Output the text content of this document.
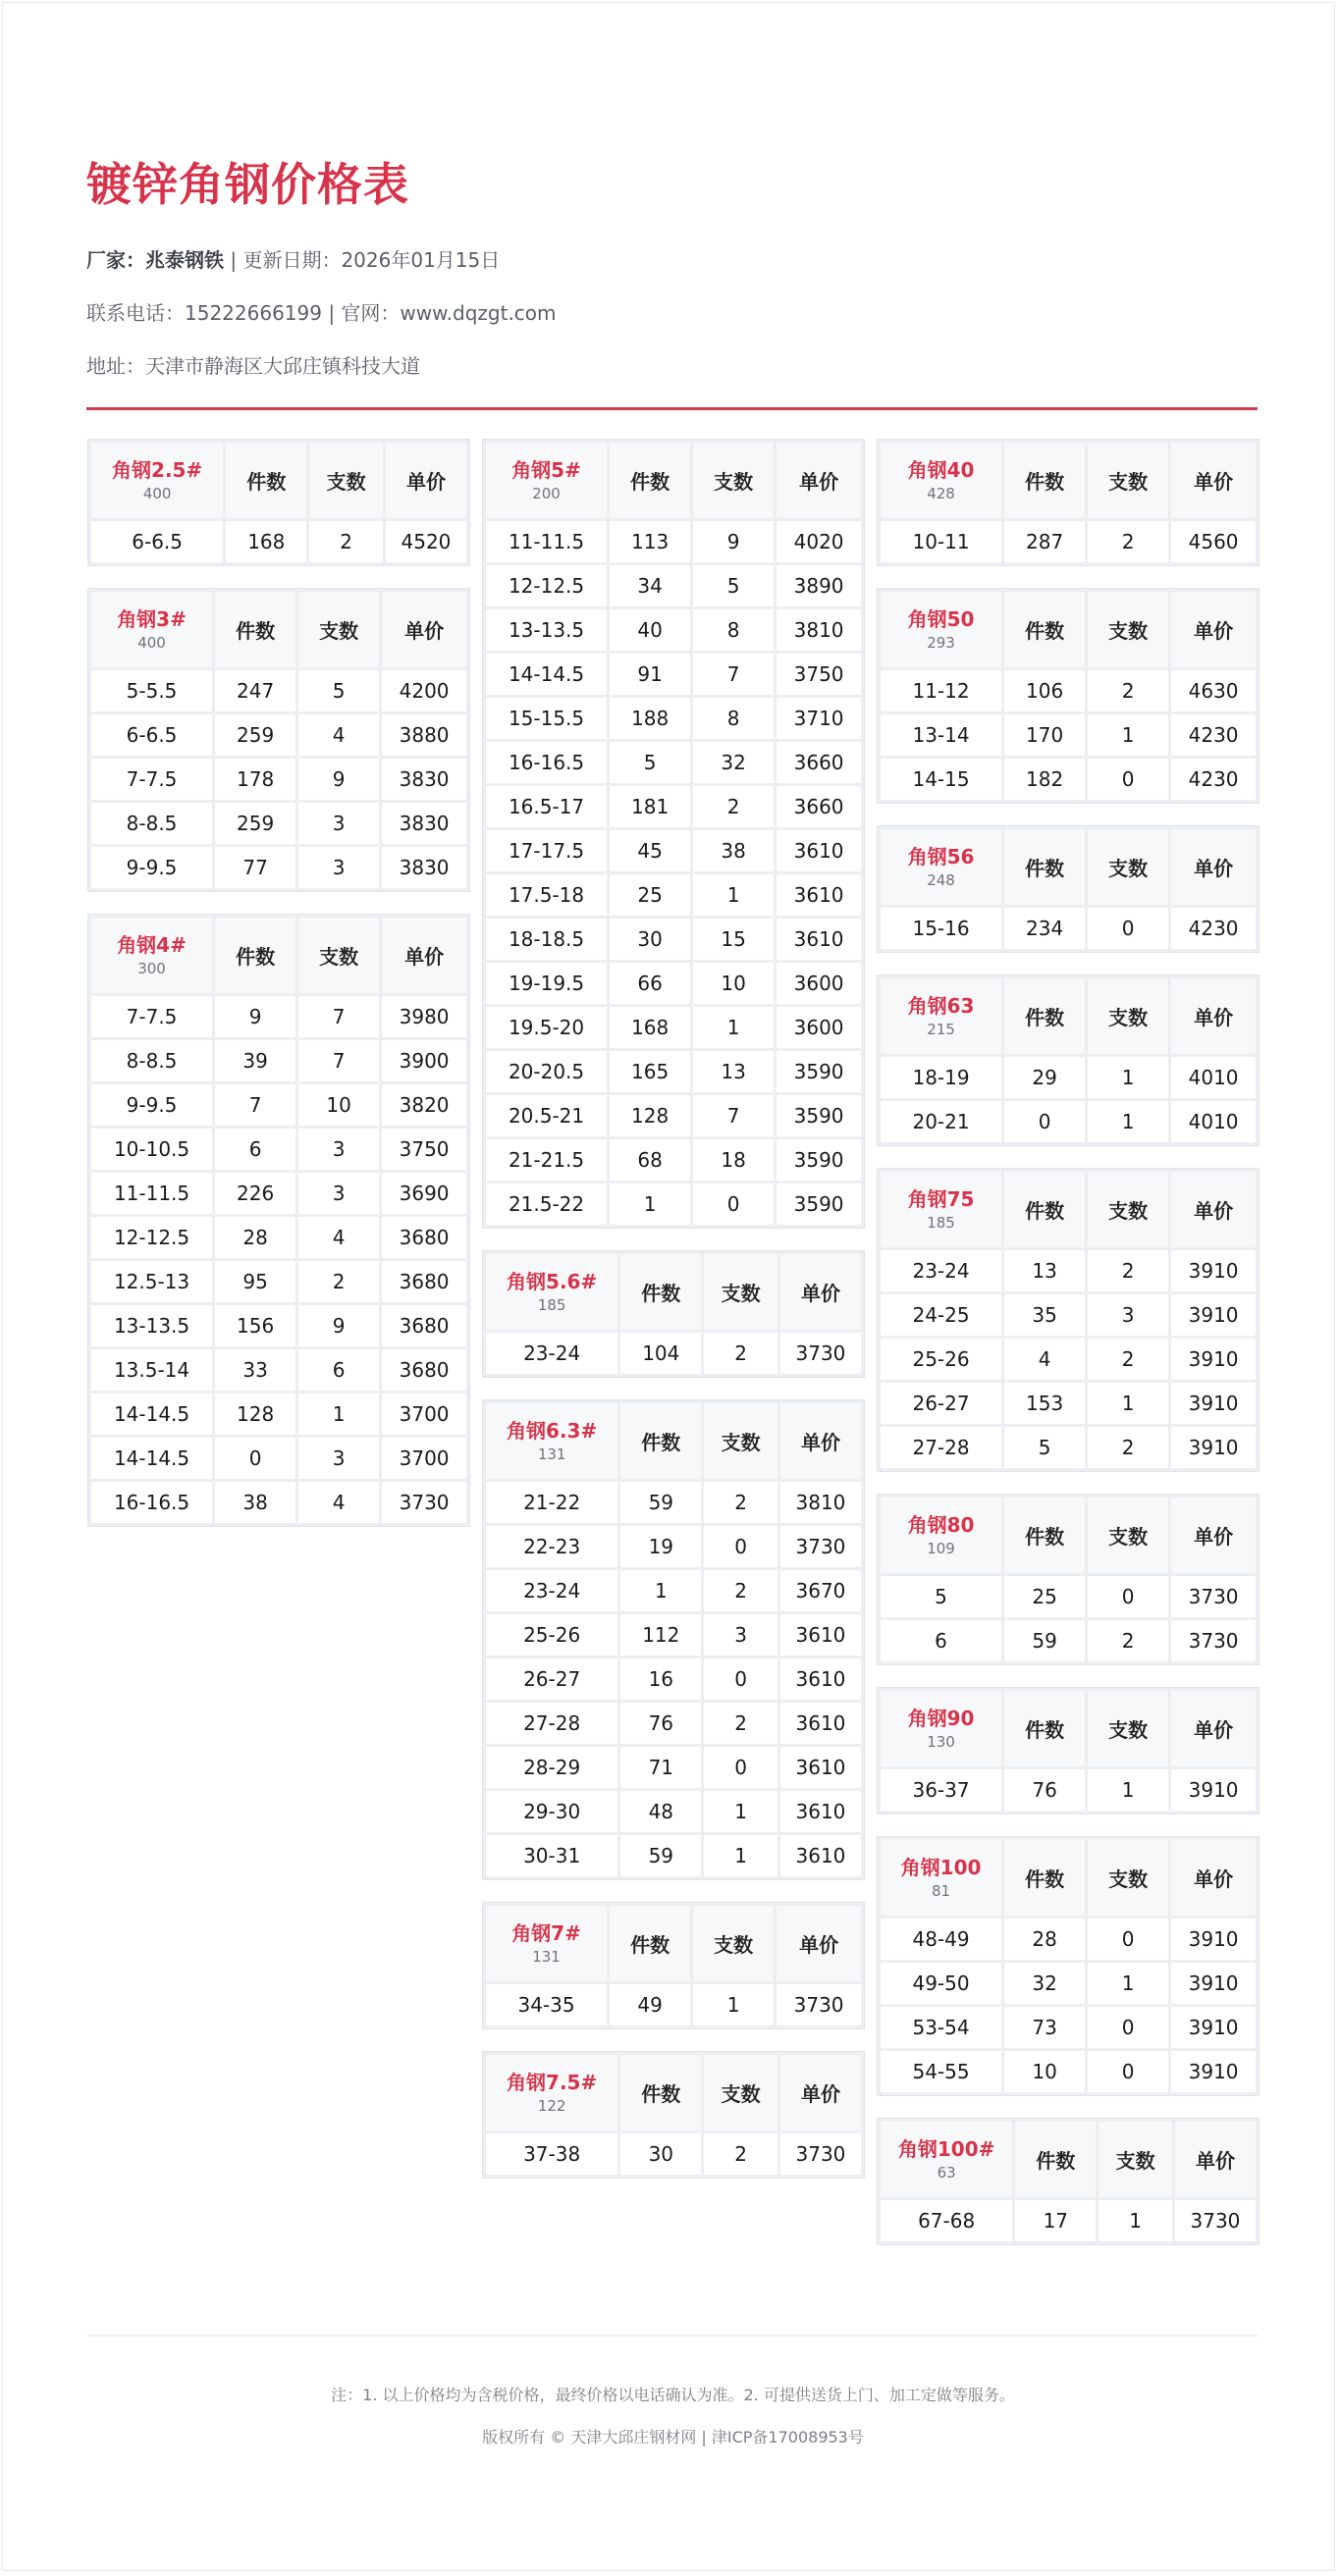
镀锌角钢价格表

厂家：兆泰钢铁 | 更新日期：2026年01月15日

联系电话：15222666199 | 官网：www.dqzgt.com

地址：天津市静海区大邱庄镇科技大道

角钢2.5#
400	件数	支数	单价
6-6.5	168	2	4520
角钢3#
400	件数	支数	单价
5-5.5	247	5	4200
6-6.5	259	4	3880
7-7.5	178	9	3830
8-8.5	259	3	3830
9-9.5	77	3	3830
角钢4#
300	件数	支数	单价
7-7.5	9	7	3980
8-8.5	39	7	3900
9-9.5	7	10	3820
10-10.5	6	3	3750
11-11.5	226	3	3690
12-12.5	28	4	3680
12.5-13	95	2	3680
13-13.5	156	9	3680
13.5-14	33	6	3680
14-14.5	128	1	3700
14-14.5	0	3	3700
16-16.5	38	4	3730
角钢5#
200	件数	支数	单价
11-11.5	113	9	4020
12-12.5	34	5	3890
13-13.5	40	8	3810
14-14.5	91	7	3750
15-15.5	188	8	3710
16-16.5	5	32	3660
16.5-17	181	2	3660
17-17.5	45	38	3610
17.5-18	25	1	3610
18-18.5	30	15	3610
19-19.5	66	10	3600
19.5-20	168	1	3600
20-20.5	165	13	3590
20.5-21	128	7	3590
21-21.5	68	18	3590
21.5-22	1	0	3590
角钢5.6#
185	件数	支数	单价
23-24	104	2	3730
角钢6.3#
131	件数	支数	单价
21-22	59	2	3810
22-23	19	0	3730
23-24	1	2	3670
25-26	112	3	3610
26-27	16	0	3610
27-28	76	2	3610
28-29	71	0	3610
29-30	48	1	3610
30-31	59	1	3610
角钢7#
131	件数	支数	单价
34-35	49	1	3730
角钢7.5#
122	件数	支数	单价
37-38	30	2	3730
角钢40
428	件数	支数	单价
10-11	287	2	4560
角钢50
293	件数	支数	单价
11-12	106	2	4630
13-14	170	1	4230
14-15	182	0	4230
角钢56
248	件数	支数	单价
15-16	234	0	4230
角钢63
215	件数	支数	单价
18-19	29	1	4010
20-21	0	1	4010
角钢75
185	件数	支数	单价
23-24	13	2	3910
24-25	35	3	3910
25-26	4	2	3910
26-27	153	1	3910
27-28	5	2	3910
角钢80
109	件数	支数	单价
5	25	0	3730
6	59	2	3730
角钢90
130	件数	支数	单价
36-37	76	1	3910
角钢100
81	件数	支数	单价
48-49	28	0	3910
49-50	32	1	3910
53-54	73	0	3910
54-55	10	0	3910
角钢100#
63	件数	支数	单价
67-68	17	1	3730
注：1. 以上价格均为含税价格，最终价格以电话确认为准。2. 可提供送货上门、加工定做等服务。
版权所有 © 天津大邱庄钢材网 | 津ICP备17008953号
